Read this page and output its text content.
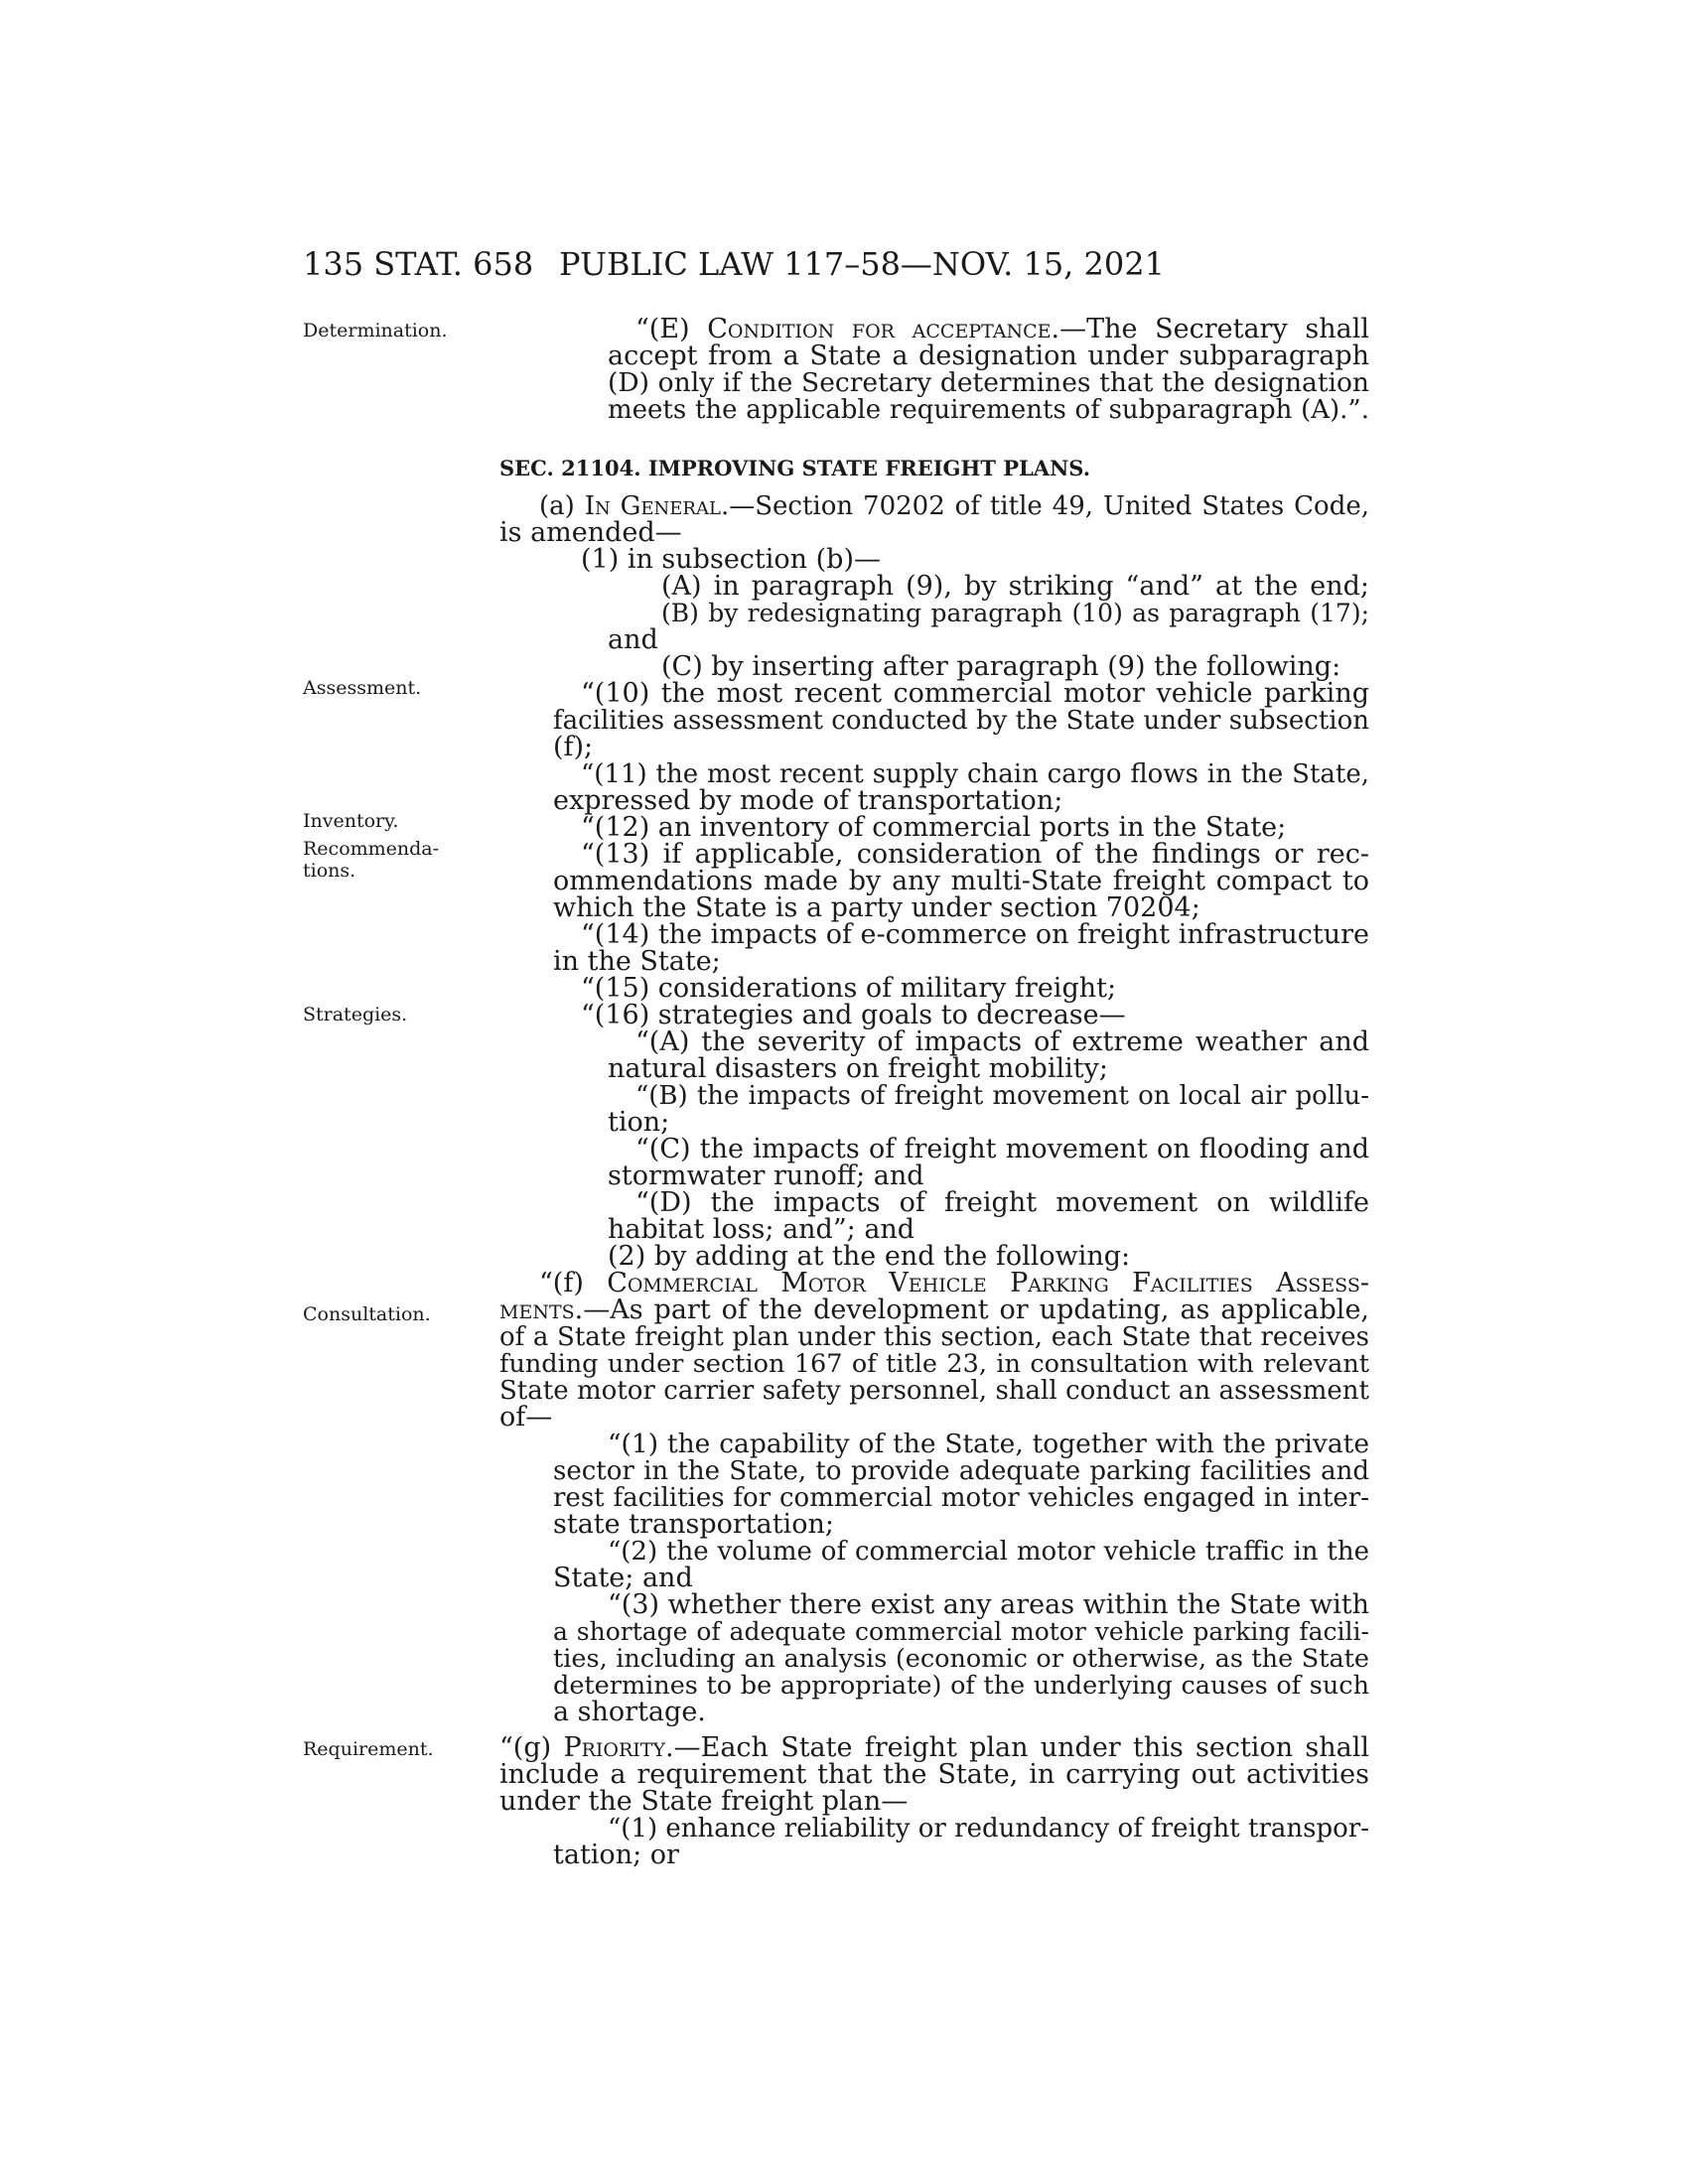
135 STAT. 658 PUBLIC LAW 117–58—NOV. 15, 2021
Determination.
Assessment.
Inventory.
Recommenda-
tions.
Strategies.
Consultation.
Requirement.
“(E) Condition for acceptance.—The Secretary shall
accept from a State a designation under subparagraph
(D) only if the Secretary determines that the designation
meets the applicable requirements of subparagraph (A).”.
SEC. 21104. IMPROVING STATE FREIGHT PLANS.
(a) In General.—Section 70202 of title 49, United States Code,
is amended—
(1) in subsection (b)—
(A) in paragraph (9), by striking “and” at the end;
(B) by redesignating paragraph (10) as paragraph (17);
and
(C) by inserting after paragraph (9) the following:
“(10) the most recent commercial motor vehicle parking
facilities assessment conducted by the State under subsection
(f);
“(11) the most recent supply chain cargo flows in the State,
expressed by mode of transportation;
“(12) an inventory of commercial ports in the State;
“(13) if applicable, consideration of the findings or rec-
ommendations made by any multi-State freight compact to
which the State is a party under section 70204;
“(14) the impacts of e-commerce on freight infrastructure
in the State;
“(15) considerations of military freight;
“(16) strategies and goals to decrease—
“(A) the severity of impacts of extreme weather and
natural disasters on freight mobility;
“(B) the impacts of freight movement on local air pollu-
tion;
“(C) the impacts of freight movement on flooding and
stormwater runoff; and
“(D) the impacts of freight movement on wildlife
habitat loss; and”; and
(2) by adding at the end the following:
“(f) Commercial Motor Vehicle Parking Facilities Assess-
ments.—As part of the development or updating, as applicable,
of a State freight plan under this section, each State that receives
funding under section 167 of title 23, in consultation with relevant
State motor carrier safety personnel, shall conduct an assessment
of—
“(1) the capability of the State, together with the private
sector in the State, to provide adequate parking facilities and
rest facilities for commercial motor vehicles engaged in inter-
state transportation;
“(2) the volume of commercial motor vehicle traffic in the
State; and
“(3) whether there exist any areas within the State with
a shortage of adequate commercial motor vehicle parking facili-
ties, including an analysis (economic or otherwise, as the State
determines to be appropriate) of the underlying causes of such
a shortage.
“(g) Priority.—Each State freight plan under this section shall
include a requirement that the State, in carrying out activities
under the State freight plan—
“(1) enhance reliability or redundancy of freight transpor-
tation; or
